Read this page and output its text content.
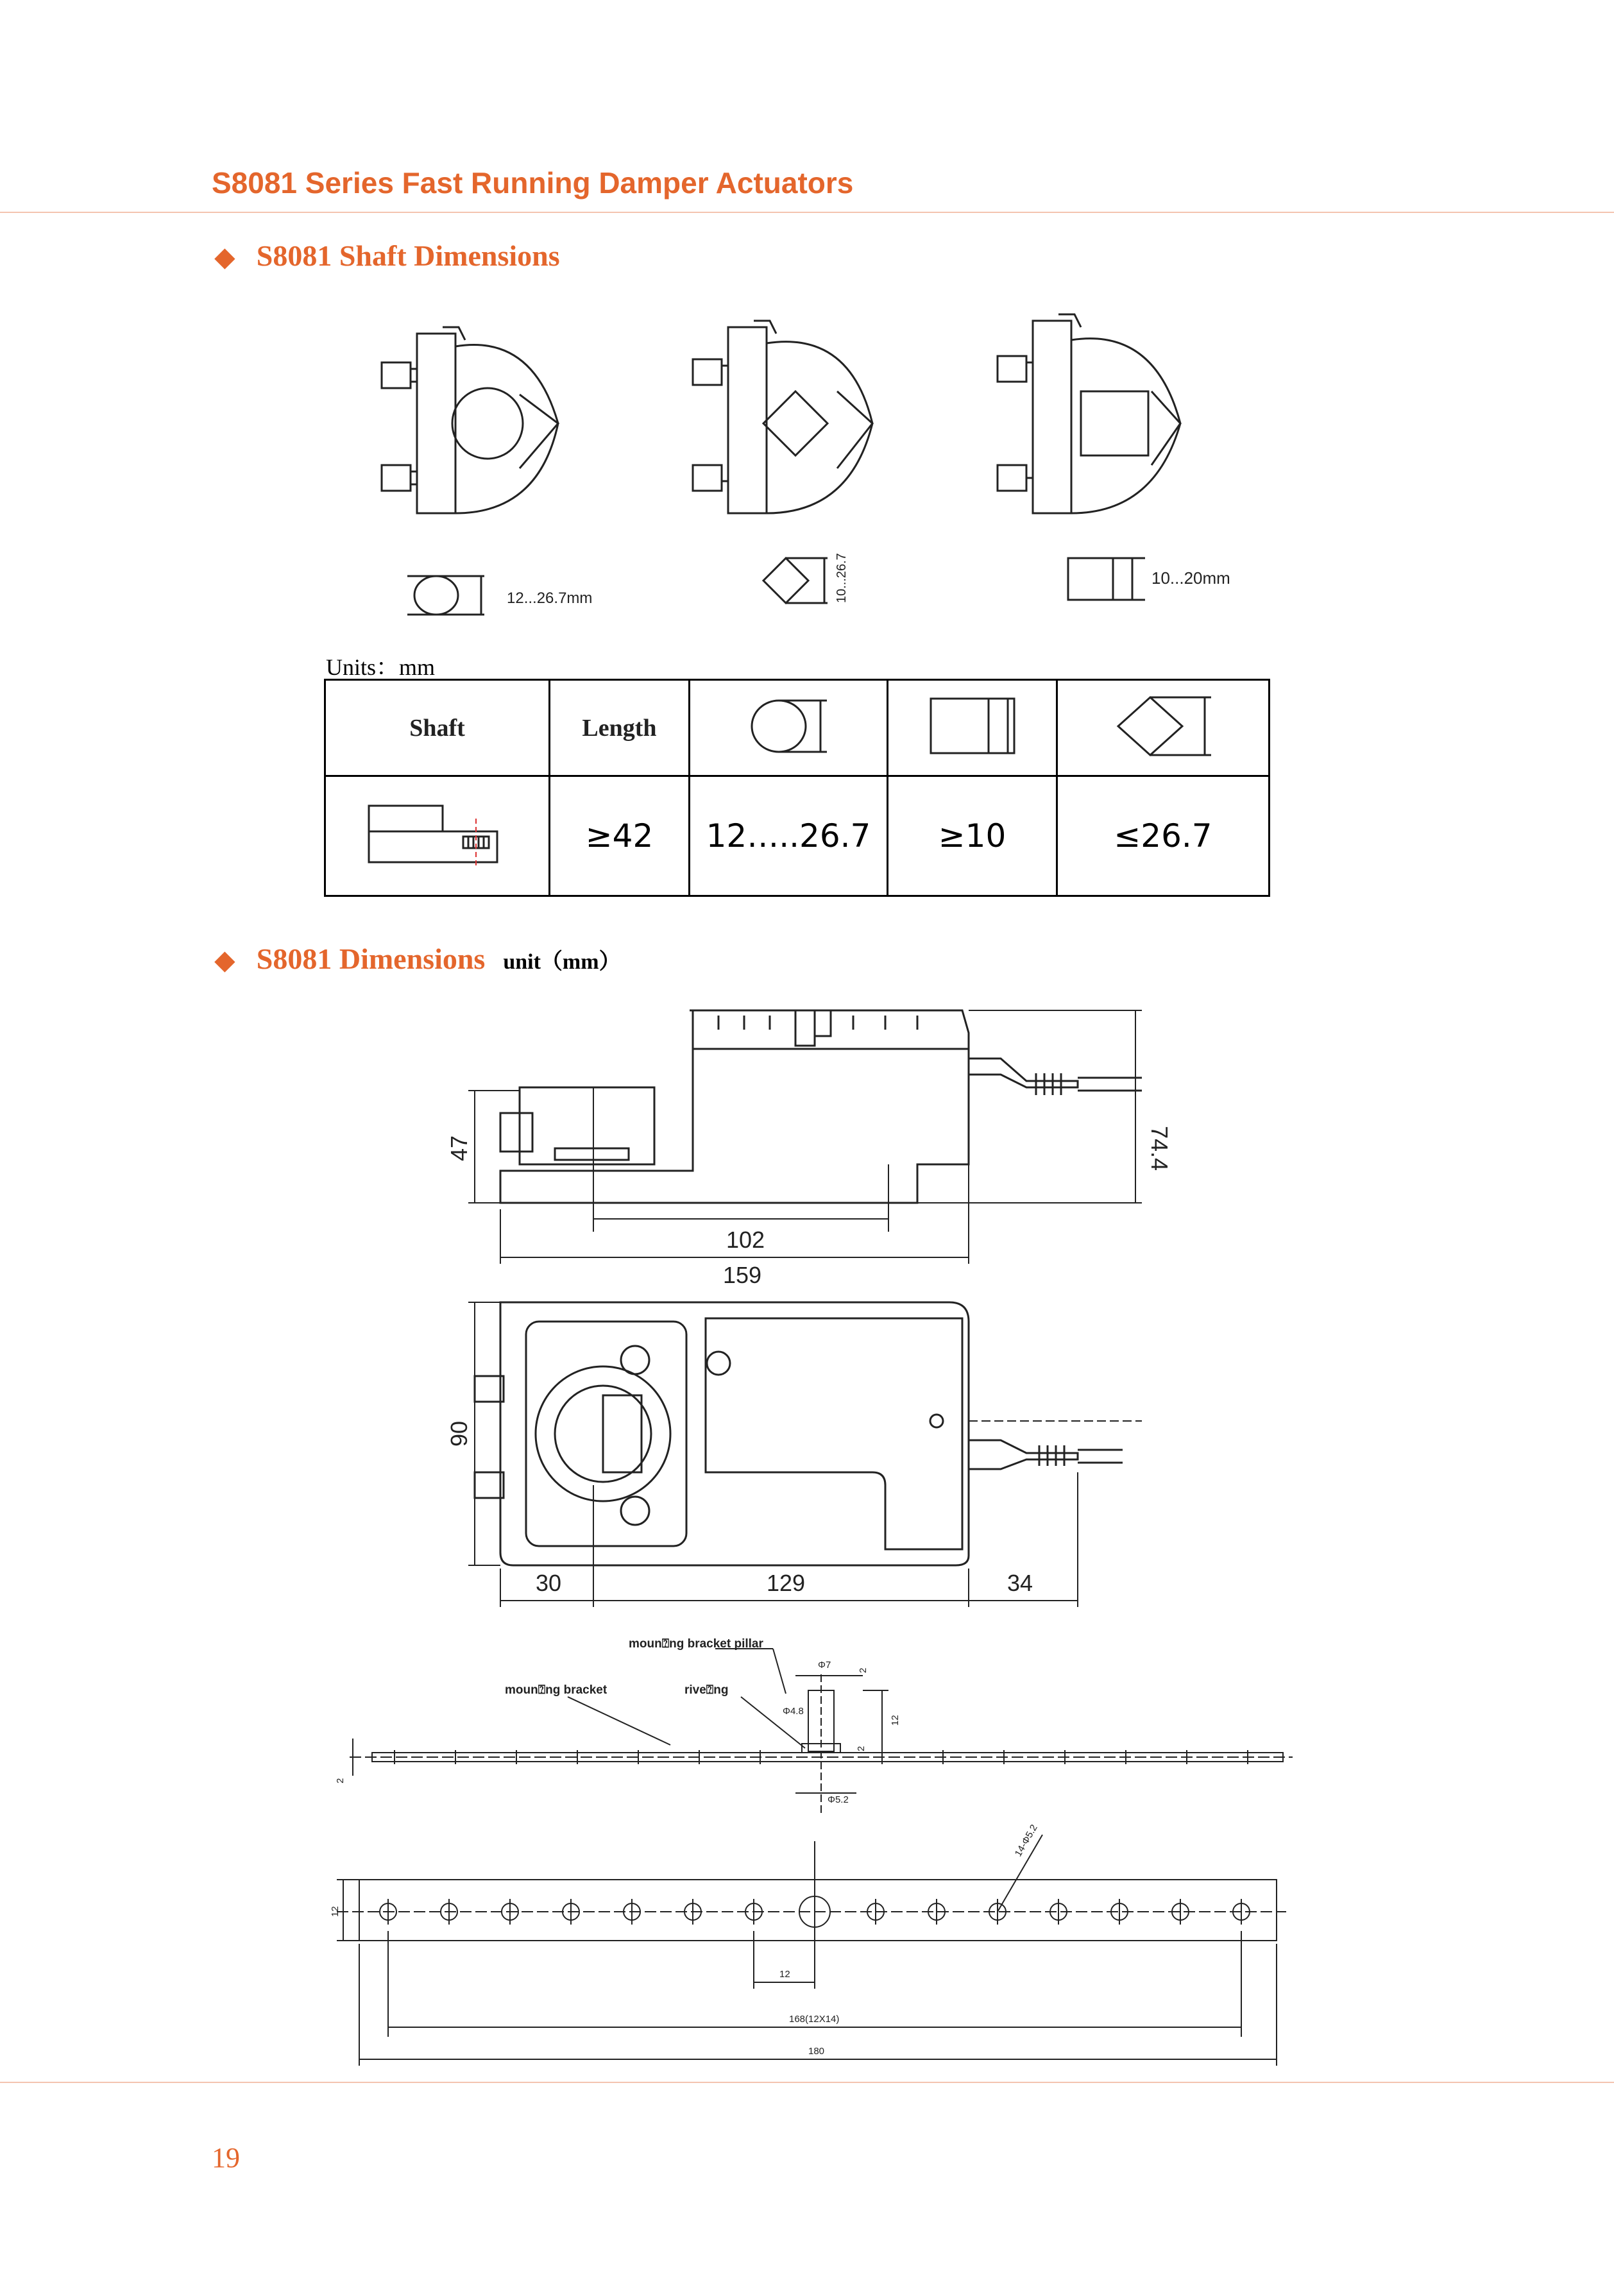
S8081 Series Fast Running Damper Actuators
◆ S8081 Shaft Dimensions
12...26.7mm	10...26.7	10...20mm
Units：mm
Shaft	Length			
	≥42	12…..26.7	≥10	≤26.7
◆ S8081 Dimensions unit（mm）
74.4
47
102
159
90
30	129	34
moun⍰ng bracket pillar
moun⍰ng bracket	rive⍰ng
Φ7	2
12
Φ4.8
2
2
Φ5.2
14-Φ5.2
12
12
168(12X14)
180
19
